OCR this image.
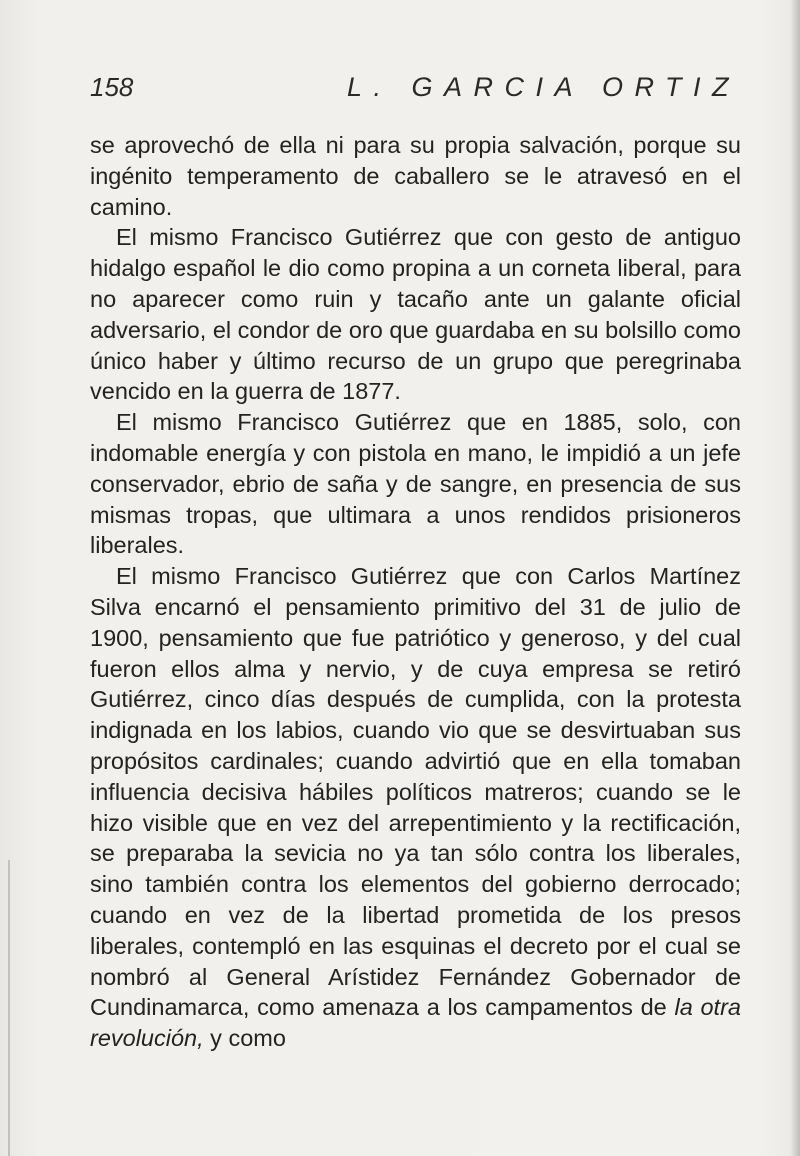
158	L. GARCIA ORTIZ

se aprovechó de ella ni para su propia salvación, porque su ingénito temperamento de caballero se le atravesó en el camino.

El mismo Francisco Gutiérrez que con gesto de antiguo hidalgo español le dio como propina a un corneta liberal, para no aparecer como ruin y tacaño ante un galante oficial adversario, el condor de oro que guardaba en su bolsillo como único haber y último recurso de un grupo que peregrinaba vencido en la guerra de 1877.

El mismo Francisco Gutiérrez que en 1885, solo, con indomable energía y con pistola en mano, le impidió a un jefe conservador, ebrio de saña y de sangre, en presencia de sus mismas tropas, que ultimara a unos rendidos prisioneros liberales.

El mismo Francisco Gutiérrez que con Carlos Martínez Silva encarnó el pensamiento primitivo del 31 de julio de 1900, pensamiento que fue patriótico y generoso, y del cual fueron ellos alma y nervio, y de cuya empresa se retiró Gutiérrez, cinco días después de cumplida, con la protesta indignada en los labios, cuando vio que se desvirtuaban sus propósitos cardinales; cuando advirtió que en ella tomaban influencia decisiva hábiles políticos matreros; cuando se le hizo visible que en vez del arrepentimiento y la rectificación, se preparaba la sevicia no ya tan sólo contra los liberales, sino también contra los elementos del gobierno derrocado; cuando en vez de la libertad prometida de los presos liberales, contempló en las esquinas el decreto por el cual se nombró al General Arístidez Fernández Gobernador de Cundinamarca, como amenaza a los campamentos de la otra revolución, y como
